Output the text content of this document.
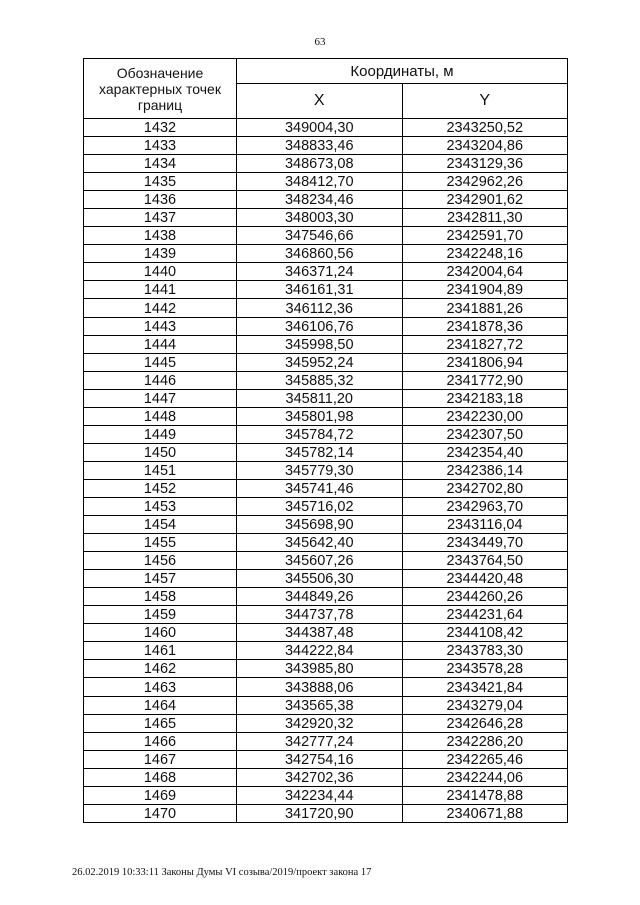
63
Обозначение характерных точек границ	Координаты, м	
	X	Y
1432	349004,30	2343250,52
1433	348833,46	2343204,86
1434	348673,08	2343129,36
1435	348412,70	2342962,26
1436	348234,46	2342901,62
1437	348003,30	2342811,30
1438	347546,66	2342591,70
1439	346860,56	2342248,16
1440	346371,24	2342004,64
1441	346161,31	2341904,89
1442	346112,36	2341881,26
1443	346106,76	2341878,36
1444	345998,50	2341827,72
1445	345952,24	2341806,94
1446	345885,32	2341772,90
1447	345811,20	2342183,18
1448	345801,98	2342230,00
1449	345784,72	2342307,50
1450	345782,14	2342354,40
1451	345779,30	2342386,14
1452	345741,46	2342702,80
1453	345716,02	2342963,70
1454	345698,90	2343116,04
1455	345642,40	2343449,70
1456	345607,26	2343764,50
1457	345506,30	2344420,48
1458	344849,26	2344260,26
1459	344737,78	2344231,64
1460	344387,48	2344108,42
1461	344222,84	2343783,30
1462	343985,80	2343578,28
1463	343888,06	2343421,84
1464	343565,38	2343279,04
1465	342920,32	2342646,28
1466	342777,24	2342286,20
1467	342754,16	2342265,46
1468	342702,36	2342244,06
1469	342234,44	2341478,88
1470	341720,90	2340671,88
26.02.2019 10:33:11 Законы Думы VI созыва/2019/проект закона 17
